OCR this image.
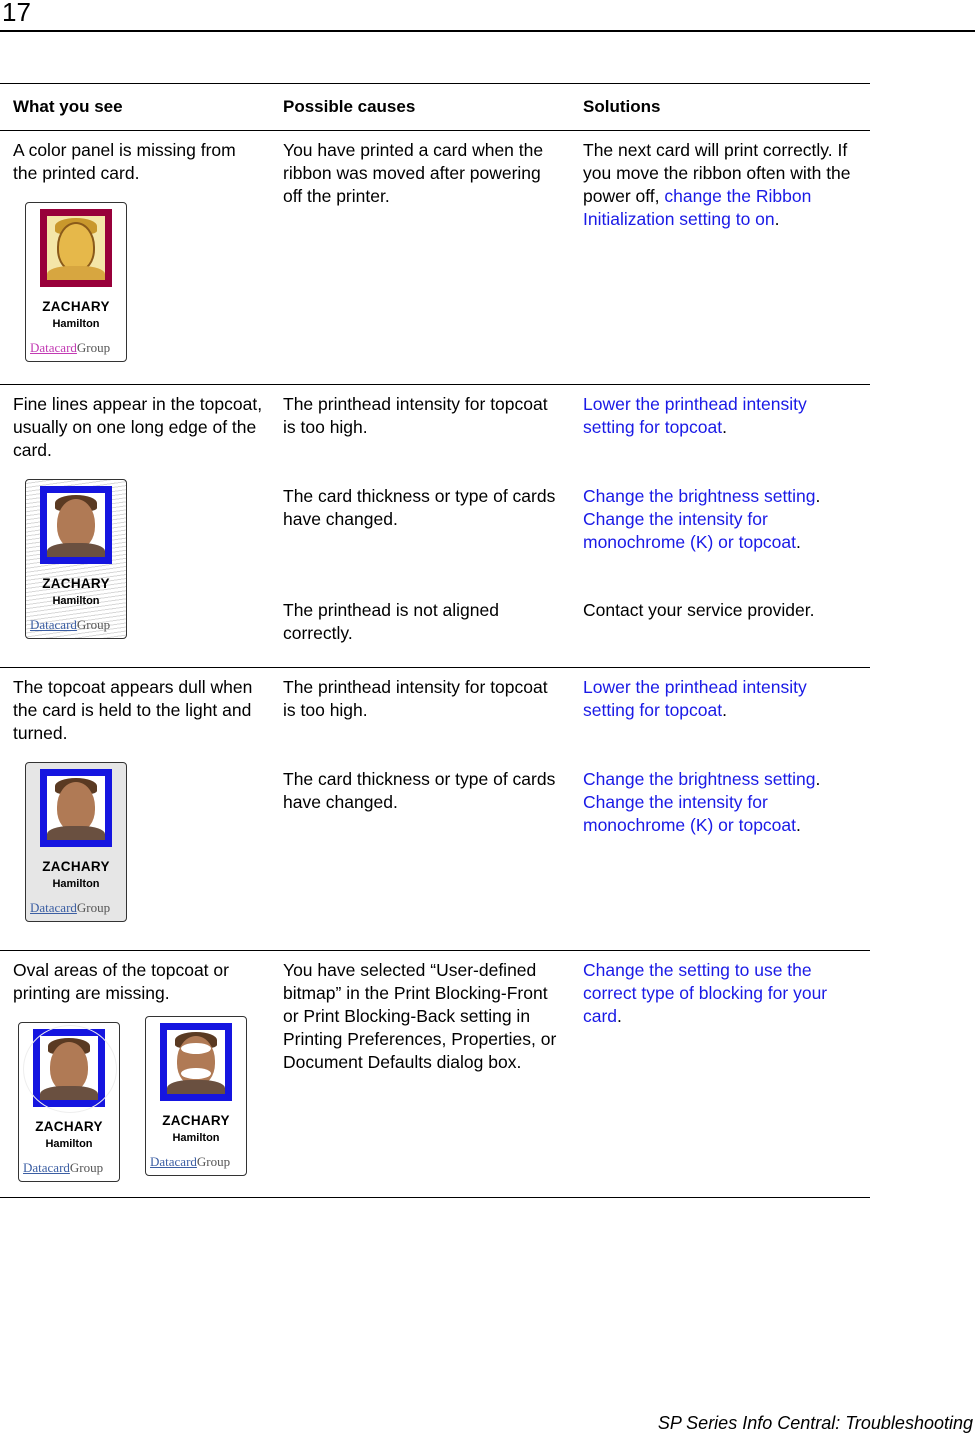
17
What you see	Possible causes	Solutions
A color panel is missing from the printed card.
You have printed a card when the ribbon was moved after powering off the printer.
The next card will print correctly. If you move the ribbon often with the power off, change the Ribbon Initialization setting to on.
ZACHARY
Hamilton
DatacardGroup
Fine lines appear in the topcoat, usually on one long edge of the card.
The printhead intensity for topcoat is too high.
The card thickness or type of cards have changed.
The printhead is not aligned correctly.
Lower the printhead intensity setting for topcoat.
Change the brightness setting. Change the intensity for monochrome (K) or topcoat.
Contact your service provider.
ZACHARY
Hamilton
DatacardGroup
The topcoat appears dull when the card is held to the light and turned.
The printhead intensity for topcoat is too high.
The card thickness or type of cards have changed.
Lower the printhead intensity setting for topcoat.
Change the brightness setting. Change the intensity for monochrome (K) or topcoat.
ZACHARY
Hamilton
DatacardGroup
Oval areas of the topcoat or printing are missing.
You have selected “User-defined bitmap” in the Print Blocking-Front or Print Blocking-Back setting in Printing Preferences, Properties, or Document Defaults dialog box.
Change the setting to use the correct type of blocking for your card.
ZACHARY
Hamilton
DatacardGroup
ZACHARY
Hamilton
DatacardGroup
SP Series Info Central: Troubleshooting
